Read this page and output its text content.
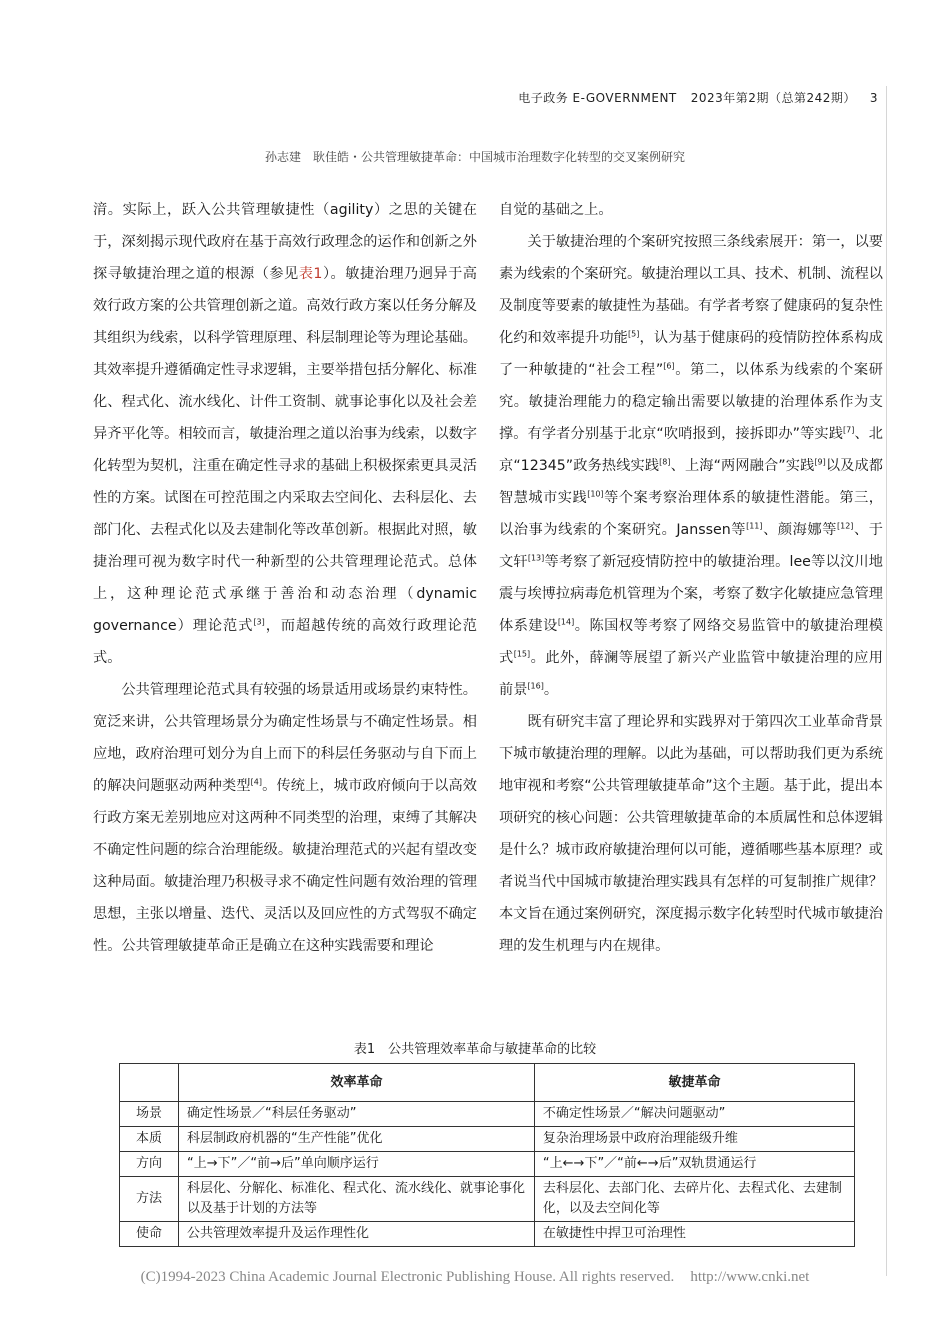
电子政务 E-GOVERNMENT 2023年第2期（总第242期） 3
孙志建　耿佳皓・公共管理敏捷革命：中国城市治理数字化转型的交叉案例研究

湇。实际上，跃入公共管理敏捷性（agility）之思的关键在于，深刻揭示现代政府在基于高效行政理念的运作和创新之外探寻敏捷治理之道的根源（参见表1）。敏捷治理乃迥异于高效行政方案的公共管理创新之道。高效行政方案以任务分解及其组织为线索，以科学管理原理、科层制理论等为理论基础。其效率提升遵循确定性寻求逻辑，主要举措包括分解化、标准化、程式化、流水线化、计件工资制、就事论事化以及社会差异齐平化等。相较而言，敏捷治理之道以治事为线索，以数字化转型为契机，注重在确定性寻求的基础上积极探索更具灵活性的方案。试图在可控范围之内采取去空间化、去科层化、去部门化、去程式化以及去建制化等改革创新。根据此对照，敏捷治理可视为数字时代一种新型的公共管理理论范式。总体上，这种理论范式承继于善治和动态治理（dynamic governance）理论范式[3]，而超越传统的高效行政理论范式。

公共管理理论范式具有较强的场景适用或场景约束特性。宽泛来讲，公共管理场景分为确定性场景与不确定性场景。相应地，政府治理可划分为自上而下的科层任务驱动与自下而上的解决问题驱动两种类型[4]。传统上，城市政府倾向于以高效行政方案无差别地应对这两种不同类型的治理，束缚了其解决不确定性问题的综合治理能级。敏捷治理范式的兴起有望改变这种局面。敏捷治理乃积极寻求不确定性问题有效治理的管理思想，主张以增量、迭代、灵活以及回应性的方式驾驭不确定性。公共管理敏捷革命正是确立在这种实践需要和理论

自觉的基础之上。

关于敏捷治理的个案研究按照三条线索展开：第一，以要素为线索的个案研究。敏捷治理以工具、技术、机制、流程以及制度等要素的敏捷性为基础。有学者考察了健康码的复杂性化约和效率提升功能[5]，认为基于健康码的疫情防控体系构成了一种敏捷的“社会工程”[6]。第二，以体系为线索的个案研究。敏捷治理能力的稳定输出需要以敏捷的治理体系作为支撑。有学者分别基于北京“吹哨报到，接拆即办”等实践[7]、北京“12345”政务热线实践[8]、上海“两网融合”实践[9]以及成都智慧城市实践[10]等个案考察治理体系的敏捷性潜能。第三，以治事为线索的个案研究。Janssen等[11]、颜海娜等[12]、于文轩[13]等考察了新冠疫情防控中的敏捷治理。lee等以汶川地震与埃博拉病毒危机管理为个案，考察了数字化敏捷应急管理体系建设[14]。陈国权等考察了网络交易监管中的敏捷治理模式[15]。此外，薛澜等展望了新兴产业监管中敏捷治理的应用前景[16]。

既有研究丰富了理论界和实践界对于第四次工业革命背景下城市敏捷治理的理解。以此为基础，可以帮助我们更为系统地审视和考察“公共管理敏捷革命”这个主题。基于此，提出本项研究的核心问题：公共管理敏捷革命的本质属性和总体逻辑是什么？城市政府敏捷治理何以可能，遵循哪些基本原理？或者说当代中国城市敏捷治理实践具有怎样的可复制推广规律？本文旨在通过案例研究，深度揭示数字化转型时代城市敏捷治理的发生机理与内在规律。

表1　公共管理效率革命与敏捷革命的比较
	效率革命	敏捷革命
场景	确定性场景／“科层任务驱动”	不确定性场景／“解决问题驱动”
本质	科层制政府机器的“生产性能”优化	复杂治理场景中政府治理能级升维
方向	“上→下”／“前→后”单向顺序运行	“上←→下”／“前←→后”双轨贯通运行
方法	科层化、分解化、标准化、程式化、流水线化、就事论事化以及基于计划的方法等	去科层化、去部门化、去碎片化、去程式化、去建制化，以及去空间化等
使命	公共管理效率提升及运作理性化	在敏捷性中捍卫可治理性
(C)1994-2023 China Academic Journal Electronic Publishing House. All rights reserved. http://www.cnki.net
